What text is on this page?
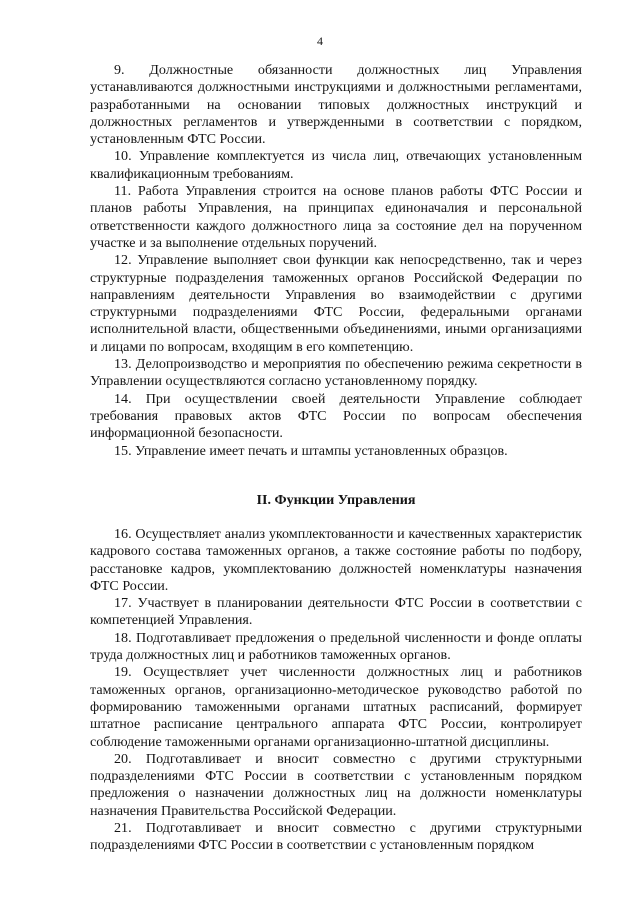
4

9. Должностные обязанности должностных лиц Управления устанавливаются должностными инструкциями и должностными регламентами, разработанными на основании типовых должностных инструкций и должностных регламентов и утвержденными в соответствии с порядком, установленным ФТС России.

10. Управление комплектуется из числа лиц, отвечающих установленным квалификационным требованиям.

11. Работа Управления строится на основе планов работы ФТС России и планов работы Управления, на принципах единоначалия и персональной ответственности каждого должностного лица за состояние дел на порученном участке и за выполнение отдельных поручений.

12. Управление выполняет свои функции как непосредственно, так и через структурные подразделения таможенных органов Российской Федерации по направлениям деятельности Управления во взаимодействии с другими структурными подразделениями ФТС России, федеральными органами исполнительной власти, общественными объединениями, иными организациями и лицами по вопросам, входящим в его компетенцию.

13. Делопроизводство и мероприятия по обеспечению режима секретности в Управлении осуществляются согласно установленному порядку.

14. При осуществлении своей деятельности Управление соблюдает требования правовых актов ФТС России по вопросам обеспечения информационной безопасности.

15. Управление имеет печать и штампы установленных образцов.

II. Функции Управления

16. Осуществляет анализ укомплектованности и качественных характеристик кадрового состава таможенных органов, а также состояние работы по подбору, расстановке кадров, укомплектованию должностей номенклатуры назначения ФТС России.

17. Участвует в планировании деятельности ФТС России в соответствии с компетенцией Управления.

18. Подготавливает предложения о предельной численности и фонде оплаты труда должностных лиц и работников таможенных органов.

19. Осуществляет учет численности должностных лиц и работников таможенных органов, организационно-методическое руководство работой по формированию таможенными органами штатных расписаний, формирует штатное расписание центрального аппарата ФТС России, контролирует соблюдение таможенными органами организационно-штатной дисциплины.

20. Подготавливает и вносит совместно с другими структурными подразделениями ФТС России в соответствии с установленным порядком предложения о назначении должностных лиц на должности номенклатуры назначения Правительства Российской Федерации.

21. Подготавливает и вносит совместно с другими структурными подразделениями ФТС России в соответствии с установленным порядком
